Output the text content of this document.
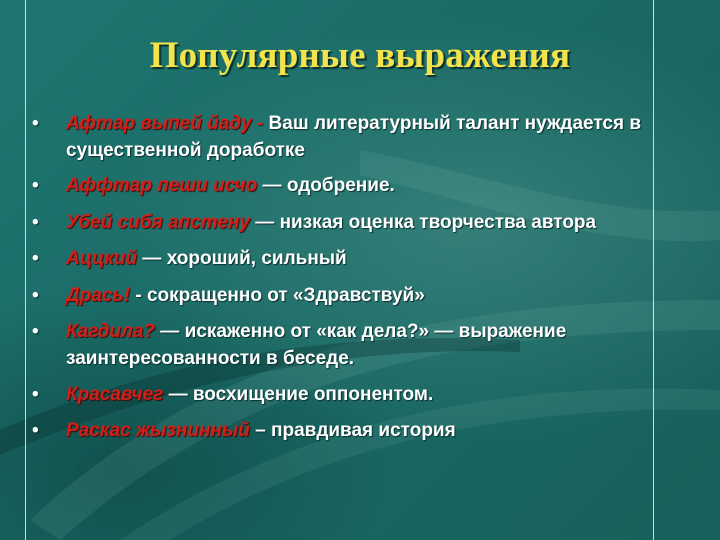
Популярные выражения
• Афтар выпей йаду - Ваш литературный талант нуждается в существенной доработке
• Аффтар пеши исчо — одобрение.
• Убей сибя апстену — низкая оценка творчества автора
• Аццкий — хороший, сильный
• Дрась! - сокращенно от «Здравствуй»
• Кагдила? — искаженно от «как дела?» — выражение заинтересованности в беседе.
• Красавчег — восхищение оппонентом.
• Раскас жызнинный – правдивая история
